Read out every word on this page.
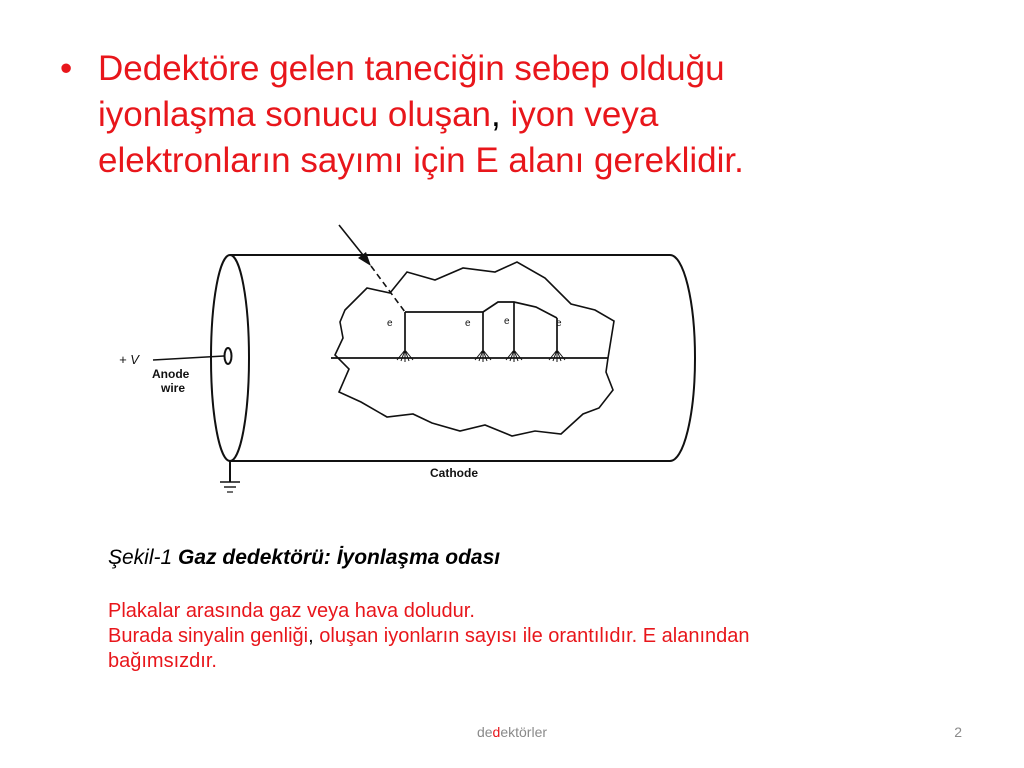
• Dedektöre gelen taneciğin sebep olduğu
iyonlaşma sonucu oluşan, iyon veya
elektronların sayımı için E alanı gereklidir.
e	e	e	e
+ V
Anode
wire
Cathode
Şekil-1 Gaz dedektörü: İyonlaşma odası
Plakalar arasında gaz veya hava doludur.
Burada sinyalin genliği, oluşan iyonların sayısı ile orantılıdır. E alanından
bağımsızdır.
dedektörler	2
